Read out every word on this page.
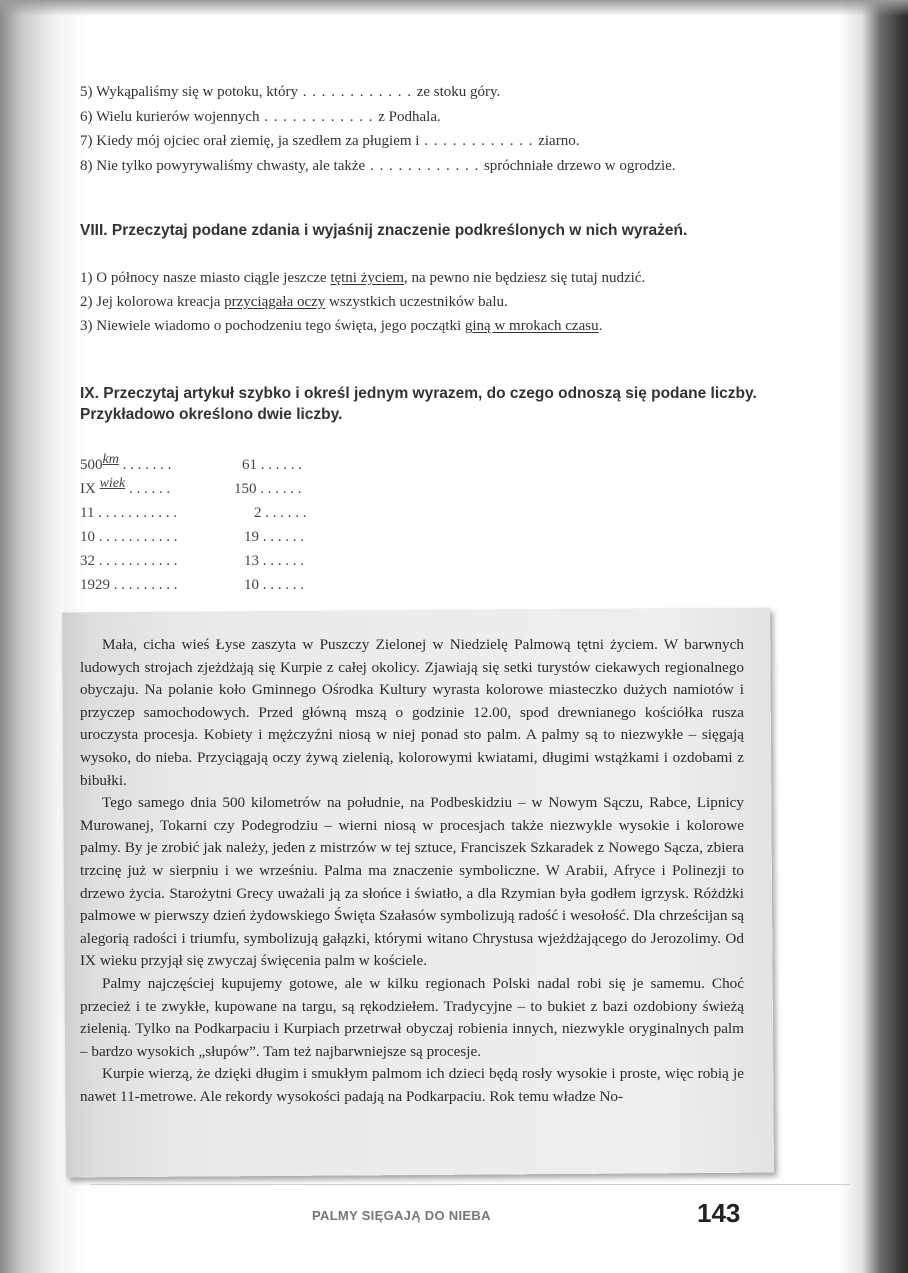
5) Wykąpaliśmy się w potoku, który . . . . . . . . . . . . ze stoku góry.
6) Wielu kurierów wojennych . . . . . . . . . . . . z Podhala.
7) Kiedy mój ojciec orał ziemię, ja szedłem za pługiem i . . . . . . . . . . . . ziarno.
8) Nie tylko powyrywaliśmy chwasty, ale także . . . . . . . . . . . . spróchniałe drzewo w ogrodzie.
VIII. Przeczytaj podane zdania i wyjaśnij znaczenie podkreślonych w nich wyrażeń.
1) O północy nasze miasto ciągle jeszcze tętni życiem, na pewno nie będziesz się tutaj nudzić.
2) Jej kolorowa kreacja przyciągała oczy wszystkich uczestników balu.
3) Niewiele wiadomo o pochodzeniu tego święta, jego początki giną w mrokach czasu.
IX. Przeczytaj artykuł szybko i określ jednym wyrazem, do czego odnoszą się podane liczby. Przykładowo określono dwie liczby.
500km . . . . . . .
IX wiek . . . . . .
11 . . . . . . . . . . .
10 . . . . . . . . . . .
32 . . . . . . . . . . .
1929 . . . . . . . . .
61 . . . . . .
150 . . . . . .
2 . . . . . .
19 . . . . . .
13 . . . . . .
10 . . . . . .

Mała, cicha wieś Łyse zaszyta w Puszczy Zielonej w Niedzielę Palmową tętni życiem. W barwnych ludowych strojach zjeżdżają się Kurpie z całej okolicy. Zjawiają się setki turystów ciekawych regionalnego obyczaju. Na polanie koło Gminnego Ośrodka Kultury wyrasta kolorowe miasteczko dużych namiotów i przyczep samochodowych. Przed główną mszą o godzinie 12.00, spod drewnianego kościółka rusza uroczysta procesja. Kobiety i mężczyźni niosą w niej ponad sto palm. A palmy są to niezwykłe – sięgają wysoko, do nieba. Przyciągają oczy żywą zielenią, kolorowymi kwiatami, długimi wstążkami i ozdobami z bibułki.

Tego samego dnia 500 kilometrów na południe, na Podbeskidziu – w Nowym Sączu, Rabce, Lipnicy Murowanej, Tokarni czy Podegrodziu – wierni niosą w procesjach także niezwykle wysokie i kolorowe palmy. By je zrobić jak należy, jeden z mistrzów w tej sztuce, Franciszek Szkaradek z Nowego Sącza, zbiera trzcinę już w sierpniu i we wrześniu. Palma ma znaczenie symboliczne. W Arabii, Afryce i Polinezji to drzewo życia. Starożytni Grecy uważali ją za słońce i światło, a dla Rzymian była godłem igrzysk. Różdżki palmowe w pierwszy dzień żydowskiego Święta Szałasów symbolizują radość i wesołość. Dla chrześcijan są alegorią radości i triumfu, symbolizują gałązki, którymi witano Chrystusa wjeżdżającego do Jerozolimy. Od IX wieku przyjął się zwyczaj święcenia palm w kościele.

Palmy najczęściej kupujemy gotowe, ale w kilku regionach Polski nadal robi się je samemu. Choć przecież i te zwykłe, kupowane na targu, są rękodziełem. Tradycyjne – to bukiet z bazi ozdobiony świeżą zielenią. Tylko na Podkarpaciu i Kurpiach przetrwał obyczaj robienia innych, niezwykle oryginalnych palm – bardzo wysokich „słupów”. Tam też najbarwniejsze są procesje.

Kurpie wierzą, że dzięki długim i smukłym palmom ich dzieci będą rosły wysokie i proste, więc robią je nawet 11-metrowe. Ale rekordy wysokości padają na Podkarpaciu. Rok temu władze No-

PALMY SIĘGAJĄ DO NIEBA	143
